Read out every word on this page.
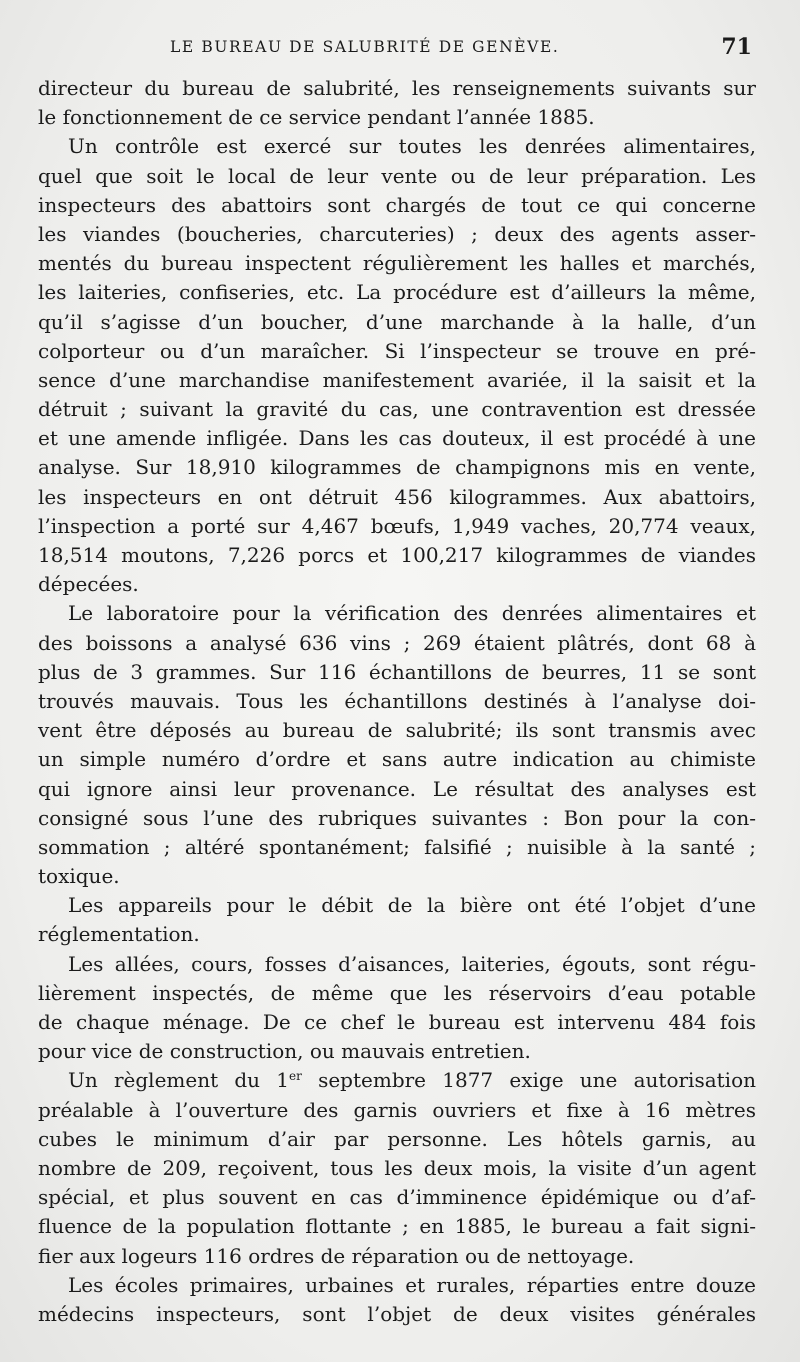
LE BUREAU DE SALUBRITÉ DE GENÈVE.	71
directeur du bureau de salubrité, les renseignements suivants sur
le fonctionnement de ce service pendant l’année 1885.
Un contrôle est exercé sur toutes les denrées alimentaires,
quel que soit le local de leur vente ou de leur préparation. Les
inspecteurs des abattoirs sont chargés de tout ce qui concerne
les viandes (boucheries, charcuteries) ; deux des agents asser-
mentés du bureau inspectent régulièrement les halles et marchés,
les laiteries, confiseries, etc. La procédure est d’ailleurs la même,
qu’il s’agisse d’un boucher, d’une marchande à la halle, d’un
colporteur ou d’un maraîcher. Si l’inspecteur se trouve en pré-
sence d’une marchandise manifestement avariée, il la saisit et la
détruit ; suivant la gravité du cas, une contravention est dressée
et une amende infligée. Dans les cas douteux, il est procédé à une
analyse. Sur 18,910 kilogrammes de champignons mis en vente,
les inspecteurs en ont détruit 456 kilogrammes. Aux abattoirs,
l’inspection a porté sur 4,467 bœufs, 1,949 vaches, 20,774 veaux,
18,514 moutons, 7,226 porcs et 100,217 kilogrammes de viandes
dépecées.
Le laboratoire pour la vérification des denrées alimentaires et
des boissons a analysé 636 vins ; 269 étaient plâtrés, dont 68 à
plus de 3 grammes. Sur 116 échantillons de beurres, 11 se sont
trouvés mauvais. Tous les échantillons destinés à l’analyse doi-
vent être déposés au bureau de salubrité; ils sont transmis avec
un simple numéro d’ordre et sans autre indication au chimiste
qui ignore ainsi leur provenance. Le résultat des analyses est
consigné sous l’une des rubriques suivantes : Bon pour la con-
sommation ; altéré spontanément; falsifié ; nuisible à la santé ;
toxique.
Les appareils pour le débit de la bière ont été l’objet d’une
réglementation.
Les allées, cours, fosses d’aisances, laiteries, égouts, sont régu-
lièrement inspectés, de même que les réservoirs d’eau potable
de chaque ménage. De ce chef le bureau est intervenu 484 fois
pour vice de construction, ou mauvais entretien.
Un règlement du 1er septembre 1877 exige une autorisation
préalable à l’ouverture des garnis ouvriers et fixe à 16 mètres
cubes le minimum d’air par personne. Les hôtels garnis, au
nombre de 209, reçoivent, tous les deux mois, la visite d’un agent
spécial, et plus souvent en cas d’imminence épidémique ou d’af-
fluence de la population flottante ; en 1885, le bureau a fait signi-
fier aux logeurs 116 ordres de réparation ou de nettoyage.
Les écoles primaires, urbaines et rurales, réparties entre douze
médecins inspecteurs, sont l’objet de deux visites générales
